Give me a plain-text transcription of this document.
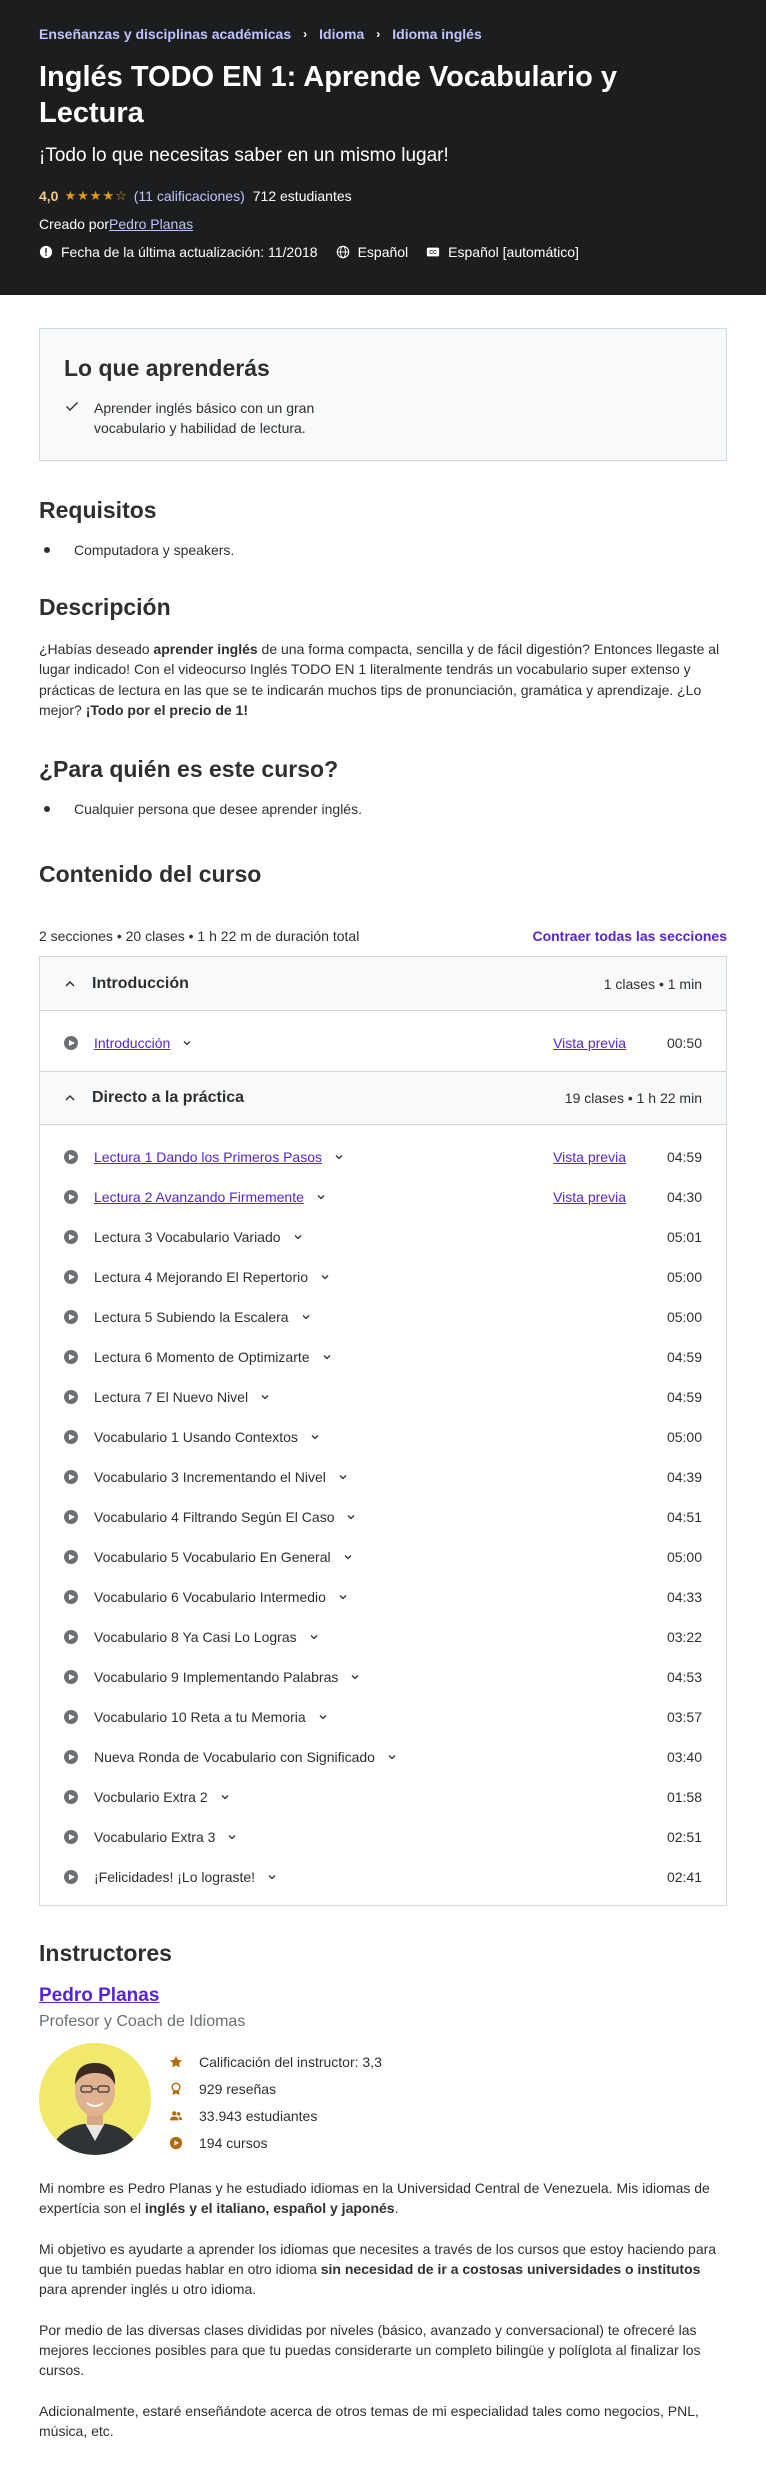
Enseñanzas y disciplinas académicas › Idioma › Idioma inglés
Inglés TODO EN 1: Aprende Vocabulario y Lectura
¡Todo lo que necesitas saber en un mismo lugar!
4,0 ★★★★☆ (11 calificaciones) 712 estudiantes
Creado porPedro Planas
Fecha de la última actualización: 11/2018	Español	CC Español [automático]
Lo que aprenderás
Aprender inglés básico con un gran vocabulario y habilidad de lectura.
Requisitos
Computadora y speakers.
Descripción

¿Habías deseado aprender inglés de una forma compacta, sencilla y de fácil digestión? Entonces llegaste al lugar indicado! Con el videocurso Inglés TODO EN 1 literalmente tendrás un vocabulario super extenso y prácticas de lectura en las que se te indicarán muchos tips de pronunciación, gramática y aprendizaje. ¿Lo mejor? ¡Todo por el precio de 1!

¿Para quién es este curso?
Cualquier persona que desee aprender inglés.
Contenido del curso
2 secciones • 20 clases • 1 h 22 m de duración total	Contraer todas las secciones
Introducción	1 clases • 1 min
Introducción	Vista previa	00:50
Directo a la práctica	19 clases • 1 h 22 min
Lectura 1 Dando los Primeros Pasos	Vista previa	04:59
Lectura 2 Avanzando Firmemente	Vista previa	04:30
Lectura 3 Vocabulario Variado	05:01
Lectura 4 Mejorando El Repertorio	05:00
Lectura 5 Subiendo la Escalera	05:00
Lectura 6 Momento de Optimizarte	04:59
Lectura 7 El Nuevo Nivel	04:59
Vocabulario 1 Usando Contextos	05:00
Vocabulario 3 Incrementando el Nivel	04:39
Vocabulario 4 Filtrando Según El Caso	04:51
Vocabulario 5 Vocabulario En General	05:00
Vocabulario 6 Vocabulario Intermedio	04:33
Vocabulario 8 Ya Casi Lo Logras	03:22
Vocabulario 9 Implementando Palabras	04:53
Vocabulario 10 Reta a tu Memoria	03:57
Nueva Ronda de Vocabulario con Significado	03:40
Vocbulario Extra 2	01:58
Vocabulario Extra 3	02:51
¡Felicidades! ¡Lo lograste!	02:41
Instructores
Pedro Planas
Profesor y Coach de Idiomas
Calificación del instructor: 3,3
929 reseñas
33.943 estudiantes
194 cursos

Mi nombre es Pedro Planas y he estudiado idiomas en la Universidad Central de Venezuela. Mis idiomas de expertícia son el inglés y el italiano, español y japonés.

Mi objetivo es ayudarte a aprender los idiomas que necesites a través de los cursos que estoy haciendo para que tu también puedas hablar en otro idioma sin necesidad de ir a costosas universidades o institutos para aprender inglés u otro idioma.

Por medio de las diversas clases divididas por niveles (básico, avanzado y conversacional) te ofreceré las mejores lecciones posibles para que tu puedas considerarte un completo bilingüe y políglota al finalizar los cursos.

Adicionalmente, estaré enseñándote acerca de otros temas de mi especialidad tales como negocios, PNL, música, etc.
